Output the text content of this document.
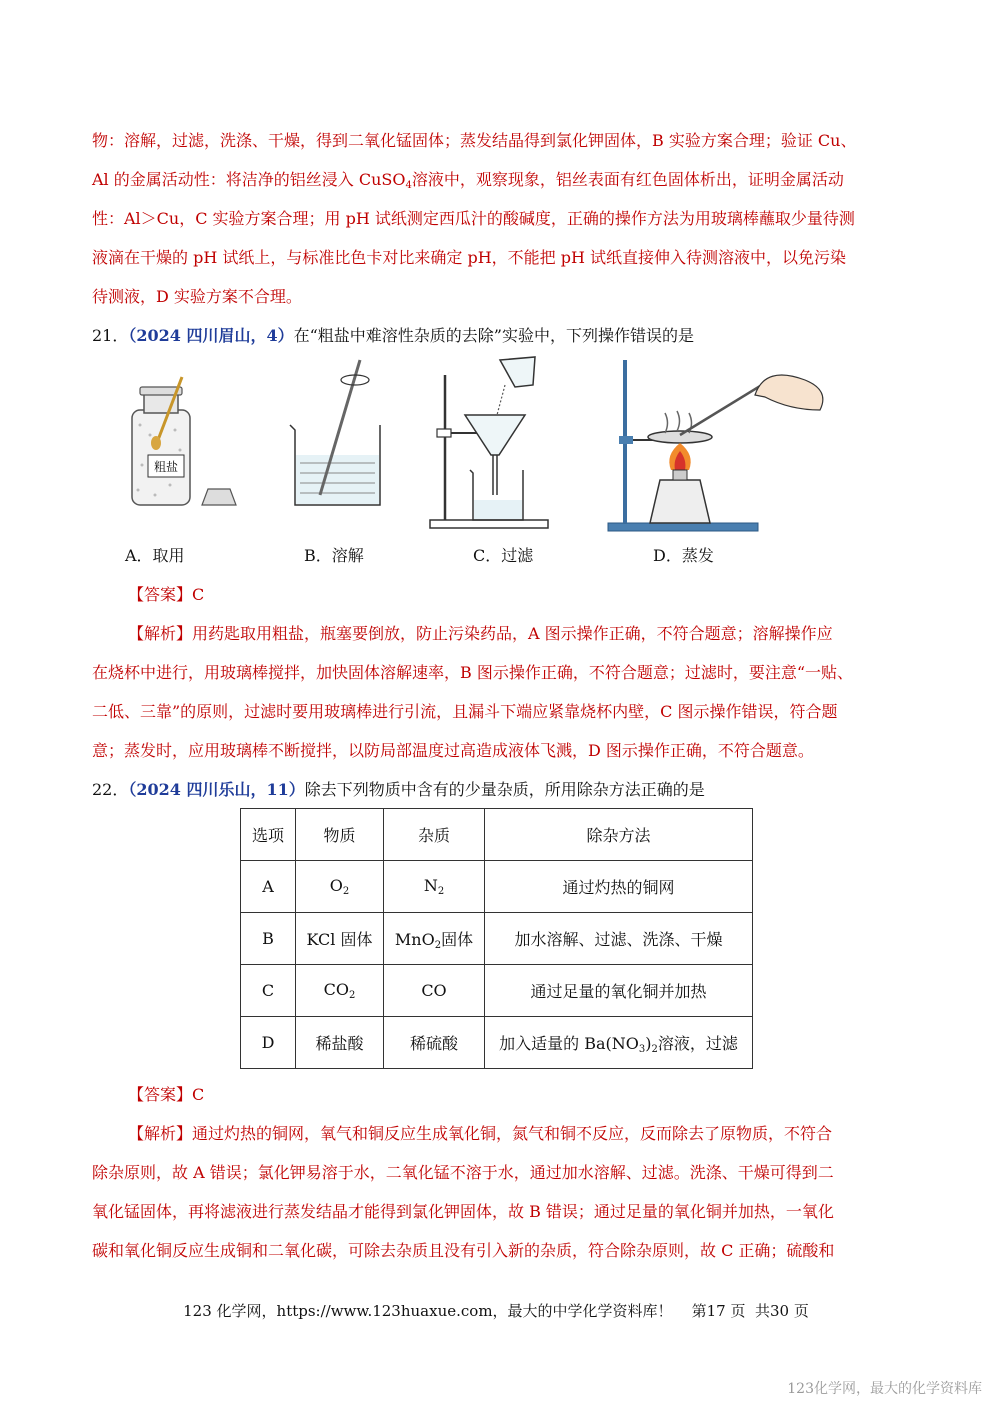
物：溶解，过滤，洗涤、干燥，得到二氧化锰固体；蒸发结晶得到氯化钾固体，B 实验方案合理；验证 Cu、
Al 的金属活动性：将洁净的铝丝浸入 CuSO$_4$溶液中，观察现象，铝丝表面有红色固体析出，证明金属活动
性：Al＞Cu，C 实验方案合理；用 pH 试纸测定西瓜汁的酸碱度，正确的操作方法为用玻璃棒蘸取少量待测
液滴在干燥的 pH 试纸上，与标准比色卡对比来确定 pH，不能把 pH 试纸直接伸入待测溶液中，以免污染
待测液，D 实验方案不合理。
21．（2024 四川眉山，4）在“粗盐中难溶性杂质的去除”实验中，下列操作错误的是
粗盐
A．取用	B．溶解	C．过滤	D．蒸发
【答案】C
【解析】用药匙取用粗盐，瓶塞要倒放，防止污染药品，A 图示操作正确，不符合题意；溶解操作应
在烧杯中进行，用玻璃棒搅拌，加快固体溶解速率，B 图示操作正确，不符合题意；过滤时，要注意“一贴、
二低、三靠”的原则，过滤时要用玻璃棒进行引流，且漏斗下端应紧靠烧杯内壁，C 图示操作错误，符合题
意；蒸发时，应用玻璃棒不断搅拌，以防局部温度过高造成液体飞溅，D 图示操作正确，不符合题意。
22．（2024 四川乐山，11）除去下列物质中含有的少量杂质，所用除杂方法正确的是
选项	物质	杂质	除杂方法
A	$O_2$	$N_2$	通过灼热的铜网
B	KCl 固体	MnO$_2$固体	加水溶解、过滤、洗涤、干燥
C	$CO_2$	CO	通过足量的氧化铜并加热
D	稀盐酸	稀硫酸	加入适量的 $Ba(NO_3)_2$溶液，过滤
【答案】C
【解析】通过灼热的铜网，氧气和铜反应生成氧化铜，氮气和铜不反应，反而除去了原物质，不符合
除杂原则，故 A 错误；氯化钾易溶于水，二氧化锰不溶于水，通过加水溶解、过滤。洗涤、干燥可得到二
氧化锰固体，再将滤液进行蒸发结晶才能得到氯化钾固体，故 B 错误；通过足量的氧化铜并加热，一氧化
碳和氧化铜反应生成铜和二氧化碳，可除去杂质且没有引入新的杂质，符合除杂原则，故 C 正确；硫酸和
123 化学网，https://www.123huaxue.com，最大的中学化学资料库！    第17 页  共30 页
123化学网，最大的化学资料库
